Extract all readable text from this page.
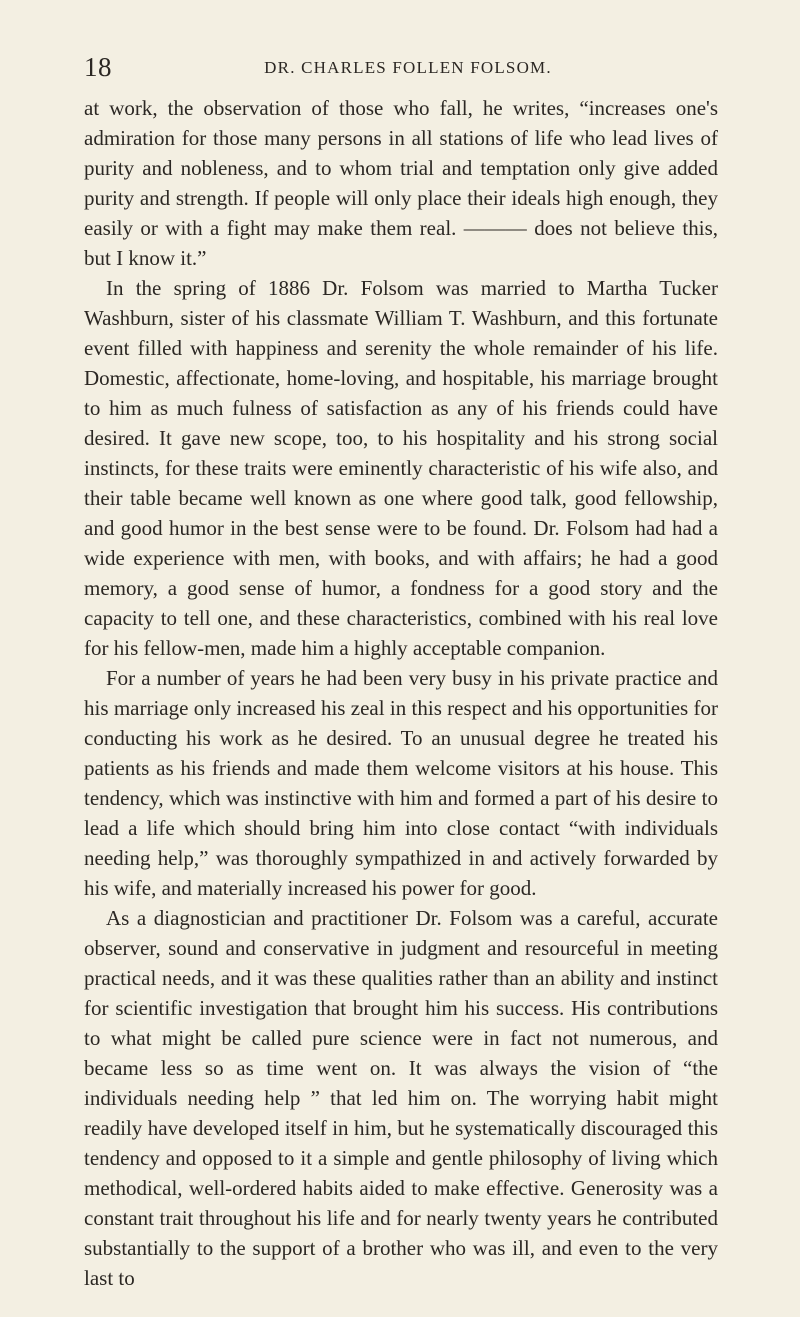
18	DR. CHARLES FOLLEN FOLSOM.

at work, the observation of those who fall, he writes, “increases one's admiration for those many persons in all stations of life who lead lives of purity and nobleness, and to whom trial and temptation only give added purity and strength. If people will only place their ideals high enough, they easily or with a fight may make them real. ——— does not believe this, but I know it.”

In the spring of 1886 Dr. Folsom was married to Martha Tucker Washburn, sister of his classmate William T. Washburn, and this fortunate event filled with happiness and serenity the whole remainder of his life. Domestic, affectionate, home-loving, and hospitable, his marriage brought to him as much fulness of satisfaction as any of his friends could have desired. It gave new scope, too, to his hospitality and his strong social instincts, for these traits were eminently characteristic of his wife also, and their table became well known as one where good talk, good fellowship, and good humor in the best sense were to be found. Dr. Folsom had had a wide experience with men, with books, and with affairs; he had a good memory, a good sense of humor, a fondness for a good story and the capacity to tell one, and these characteristics, combined with his real love for his fellow-men, made him a highly acceptable companion.

For a number of years he had been very busy in his private practice and his marriage only increased his zeal in this respect and his opportunities for conducting his work as he desired. To an unusual degree he treated his patients as his friends and made them welcome visitors at his house. This tendency, which was instinctive with him and formed a part of his desire to lead a life which should bring him into close contact “with individuals needing help,” was thoroughly sympathized in and actively forwarded by his wife, and materially increased his power for good.

As a diagnostician and practitioner Dr. Folsom was a careful, accurate observer, sound and conservative in judgment and resourceful in meeting practical needs, and it was these qualities rather than an ability and instinct for scientific investigation that brought him his success. His contributions to what might be called pure science were in fact not numerous, and became less so as time went on. It was always the vision of “the individuals needing help ” that led him on. The worrying habit might readily have developed itself in him, but he systematically discouraged this tendency and opposed to it a simple and gentle philosophy of living which methodical, well-ordered habits aided to make effective. Generosity was a constant trait throughout his life and for nearly twenty years he contributed substantially to the support of a brother who was ill, and even to the very last to
